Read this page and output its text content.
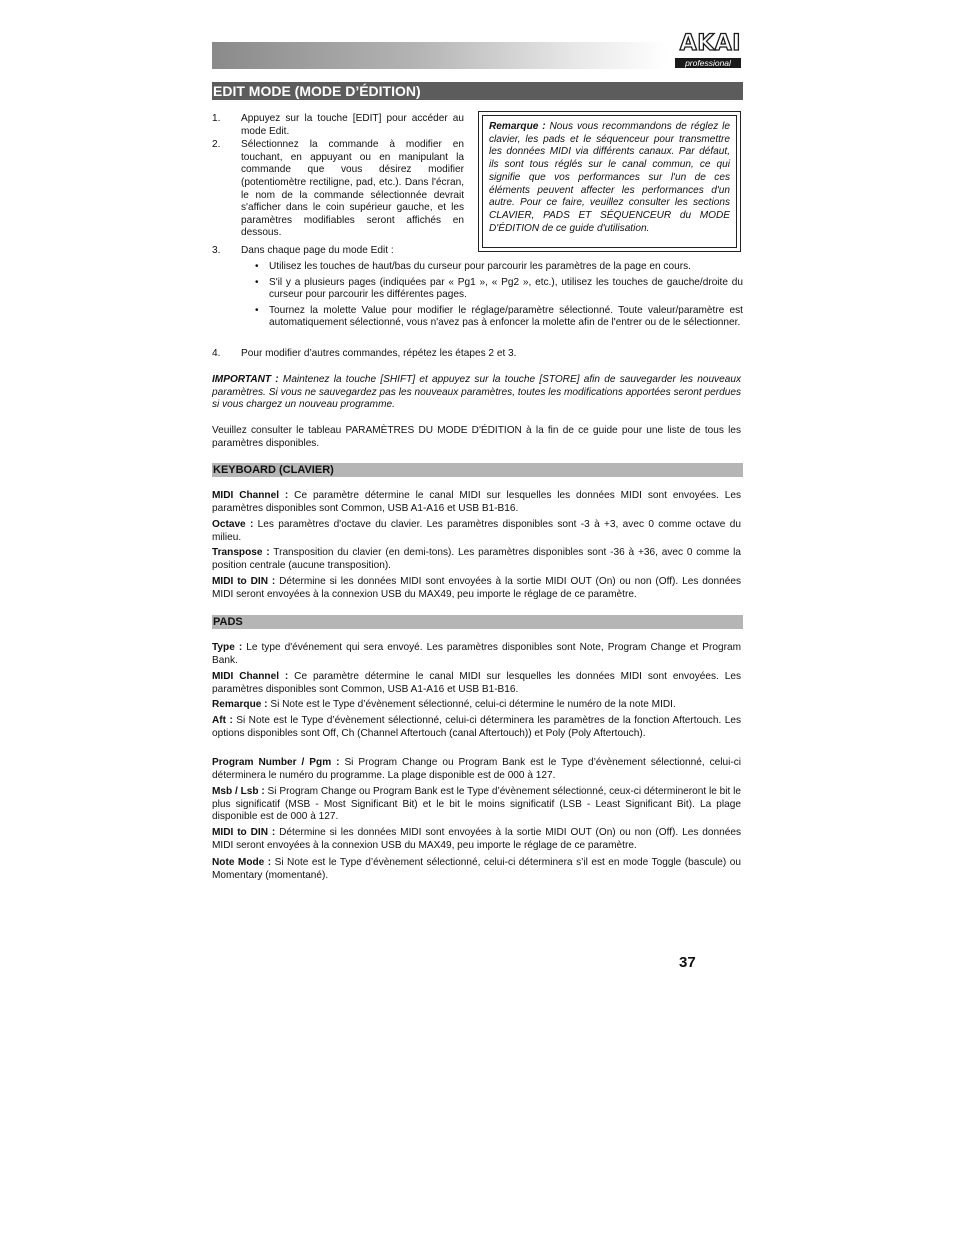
AKAI
professional
EDIT MODE (MODE D’ÉDITION)
1. Appuyez sur la touche [EDIT] pour accéder au mode Edit.
2. Sélectionnez la commande à modifier en touchant, en appuyant ou en manipulant la commande que vous désirez modifier (potentiomètre rectiligne, pad, etc.). Dans l'écran, le nom de la commande sélectionnée devrait s'afficher dans le coin supérieur gauche, et les paramètres modifiables seront affichés en dessous.
Remarque : Nous vous recommandons de réglez le clavier, les pads et le séquenceur pour transmettre les données MIDI via différents canaux. Par défaut, ils sont tous réglés sur le canal commun, ce qui signifie que vos performances sur l'un de ces éléments peuvent affecter les performances d'un autre. Pour ce faire, veuillez consulter les sections CLAVIER, PADS ET SÉQUENCEUR du MODE D'ÉDITION de ce guide d'utilisation.
3. Dans chaque page du mode Edit :
• Utilisez les touches de haut/bas du curseur pour parcourir les paramètres de la page en cours.
• S'il y a plusieurs pages (indiquées par « Pg1 », « Pg2 », etc.), utilisez les touches de gauche/droite du curseur pour parcourir les différentes pages.
• Tournez la molette Value pour modifier le réglage/paramètre sélectionné. Toute valeur/paramètre est automatiquement sélectionné, vous n'avez pas à enfoncer la molette afin de l'entrer ou de le sélectionner.
4. Pour modifier d’autres commandes, répétez les étapes 2 et 3.
IMPORTANT : Maintenez la touche [SHIFT] et appuyez sur la touche [STORE] afin de sauvegarder les nouveaux paramètres. Si vous ne sauvegardez pas les nouveaux paramètres, toutes les modifications apportées seront perdues si vous chargez un nouveau programme.
Veuillez consulter le tableau PARAMÈTRES DU MODE D'ÉDITION à la fin de ce guide pour une liste de tous les paramètres disponibles.
KEYBOARD (CLAVIER)
MIDI Channel : Ce paramètre détermine le canal MIDI sur lesquelles les données MIDI sont envoyées. Les paramètres disponibles sont Common, USB A1-A16 et USB B1-B16.
Octave : Les paramètres d'octave du clavier. Les paramètres disponibles sont -3 à +3, avec 0 comme octave du milieu.
Transpose : Transposition du clavier (en demi-tons). Les paramètres disponibles sont -36 à +36, avec 0 comme la position centrale (aucune transposition).
MIDI to DIN : Détermine si les données MIDI sont envoyées à la sortie MIDI OUT (On) ou non (Off). Les données MIDI seront envoyées à la connexion USB du MAX49, peu importe le réglage de ce paramètre.
PADS
Type : Le type d'événement qui sera envoyé. Les paramètres disponibles sont Note, Program Change et Program Bank.
MIDI Channel : Ce paramètre détermine le canal MIDI sur lesquelles les données MIDI sont envoyées. Les paramètres disponibles sont Common, USB A1-A16 et USB B1-B16.
Remarque : Si Note est le Type d’évènement sélectionné, celui-ci détermine le numéro de la note MIDI.
Aft : Si Note est le Type d’évènement sélectionné, celui-ci déterminera les paramètres de la fonction Aftertouch. Les options disponibles sont Off, Ch (Channel Aftertouch (canal Aftertouch)) et Poly (Poly Aftertouch).
Program Number / Pgm : Si Program Change ou Program Bank est le Type d’évènement sélectionné, celui-ci déterminera le numéro du programme. La plage disponible est de 000 à 127.
Msb / Lsb : Si Program Change ou Program Bank est le Type d’évènement sélectionné, ceux-ci détermineront le bit le plus significatif (MSB - Most Significant Bit) et le bit le moins significatif (LSB - Least Significant Bit). La plage disponible est de 000 à 127.
MIDI to DIN : Détermine si les données MIDI sont envoyées à la sortie MIDI OUT (On) ou non (Off). Les données MIDI seront envoyées à la connexion USB du MAX49, peu importe le réglage de ce paramètre.
Note Mode : Si Note est le Type d’évènement sélectionné, celui-ci déterminera s’il est en mode Toggle (bascule) ou Momentary (momentané).
37
